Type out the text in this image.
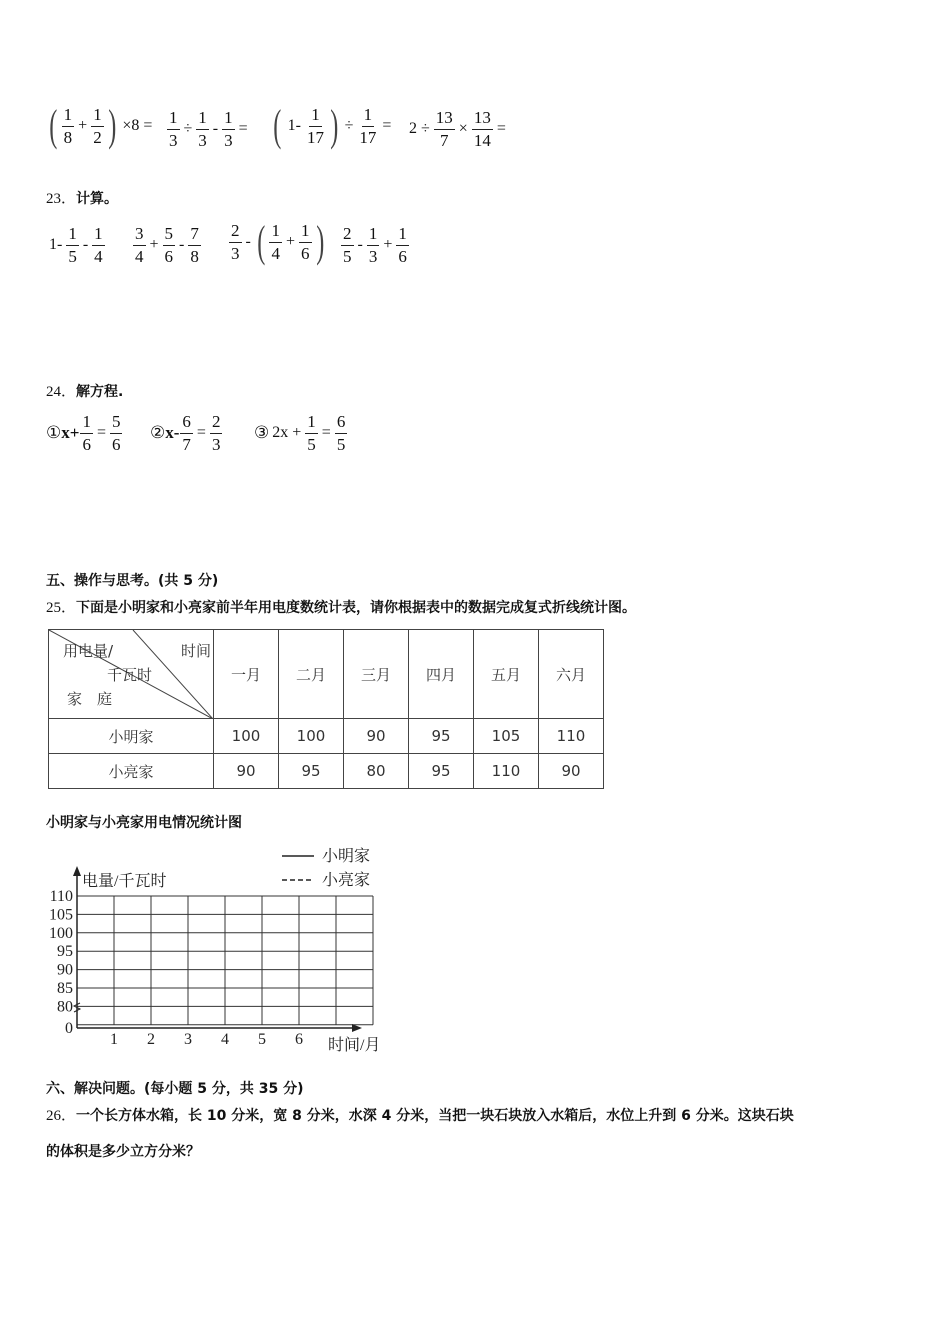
( $\frac{1}{8} + \frac{1}{2}$ ) $\times 8 = \frac{1}{3} \div \frac{1}{3} - \frac{1}{3}$ = ( $1- \frac{1}{17}$ ) ÷ $\frac{1}{17} = 2 \div \frac{13}{7} \times \frac{13}{14}$ =
23．计算。
$1- \frac{1}{5} - \frac{1}{4} \frac{3}{4} + \frac{5}{6} - \frac{7}{8} \frac{2}{3}$ - ( $\frac{1}{4} + \frac{1}{6}$ ) $\frac{2}{5} - \frac{1}{3} + \frac{1}{6}$
24．解方程.
① $x+ \frac{1}{6} = \frac{5}{6}$ ② $x- \frac{6}{7} = \frac{2}{3}$ ③ $2x + \frac{1}{5} = \frac{6}{5}$
五、操作与思考。(共 5 分)
25．下面是小明家和小亮家前半年用电度数统计表，请你根据表中的数据完成复式折线统计图。
用电量/ 时间
千瓦时
家　庭	一月	二月	三月	四月	五月	六月
小明家	100	100	90	95	105	110
小亮家	90	95	80	95	110	90
小明家与小亮家用电情况统计图
小明家
小亮家
电量/千瓦时
110
105
100
95
90
85
80
0
1 2 3 4 5 6 时间/月
六、解决问题。(每小题 5 分，共 35 分)
26．一个长方体水箱，长 10 分米，宽 8 分米，水深 4 分米，当把一块石块放入水箱后，水位上升到 6 分米。这块石块
的体积是多少立方分米？
